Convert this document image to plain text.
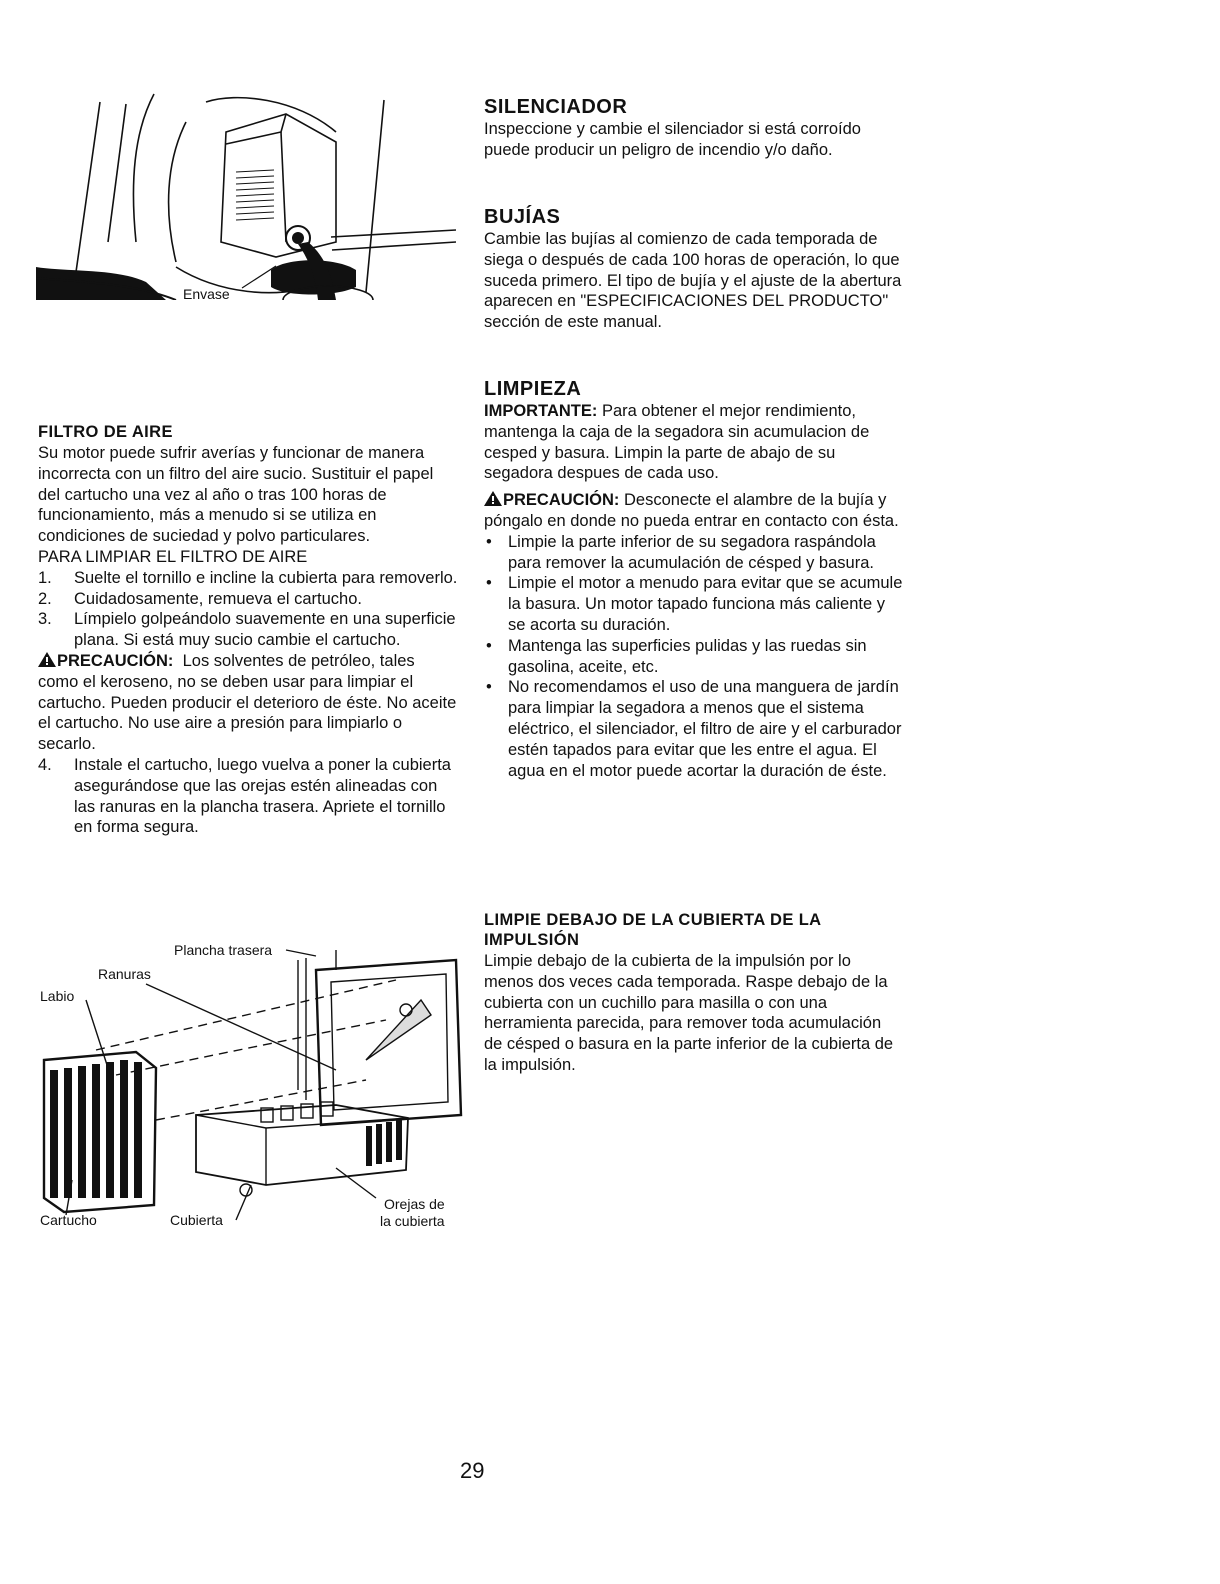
Envase
FILTRO DE AIRE

Su motor puede sufrir averías y funcionar de manera incorrecta con un filtro del aire sucio. Sustituir el papel del cartucho una vez al año o tras 100 horas de funcionamiento, más a menudo si se utiliza en condiciones de suciedad y polvo particulares.

PARA LIMPIAR EL FILTRO DE AIRE

1. Suelte el tornillo e incline la cubierta para removerlo.
2. Cuidadosamente, remueva el cartucho.
3. Límpielo golpeándolo suavemente en una superficie plana. Si está muy sucio cambie el cartucho.

PRECAUCIÓN: Los solventes de petróleo, tales como el keroseno, no se deben usar para limpiar el cartucho. Pueden producir el deterioro de éste. No aceite el cartucho. No use aire a presión para limpiarlo o secarlo.

4. Instale el cartucho, luego vuelva a poner la cubierta asegurándose que las orejas estén alineadas con las ranuras en la plancha trasera. Apriete el tornillo en forma segura.
Plancha trasera
Ranuras
Labio
Cartucho	Cubierta
Orejas de
la cubierta
SILENCIADOR

Inspeccione y cambie el silenciador si está corroído puede producir un peligro de incendio y/o daño.

BUJÍAS

Cambie las bujías al comienzo de cada temporada de siega o después de cada 100 horas de operación, lo que suceda primero. El tipo de bujía y el ajuste de la abertura aparecen en "ESPECIFICACIONES DEL PRODUCTO" sección de este manual.

LIMPIEZA

IMPORTANTE: Para obtener el mejor rendimiento, mantenga la caja de la segadora sin acumulacion de cesped y basura. Limpin la parte de abajo de su segadora despues de cada uso.

PRECAUCIÓN: Desconecte el alambre de la bujía y póngalo en donde no pueda entrar en contacto con ésta.

• Limpie la parte inferior de su segadora raspándola para remover la acumulación de césped y basura.
• Limpie el motor a menudo para evitar que se acumule la basura. Un motor tapado funciona más caliente y se acorta su duración.
• Mantenga las superficies pulidas y las ruedas sin gasolina, aceite, etc.
• No recomendamos el uso de una manguera de jardín para limpiar la segadora a menos que el sistema eléctrico, el silenciador, el filtro de aire y el carburador estén tapados para evitar que les entre el agua. El agua en el motor puede acortar la duración de éste.
LIMPIE DEBAJO DE LA CUBIERTA DE LA
IMPULSIÓN

Limpie debajo de la cubierta de la impulsión por lo menos dos veces cada temporada. Raspe debajo de la cubierta con un cuchillo para masilla o con una herramienta parecida, para remover toda acumulación de césped o basura en la parte inferior de la cubierta de la impulsión.

29
